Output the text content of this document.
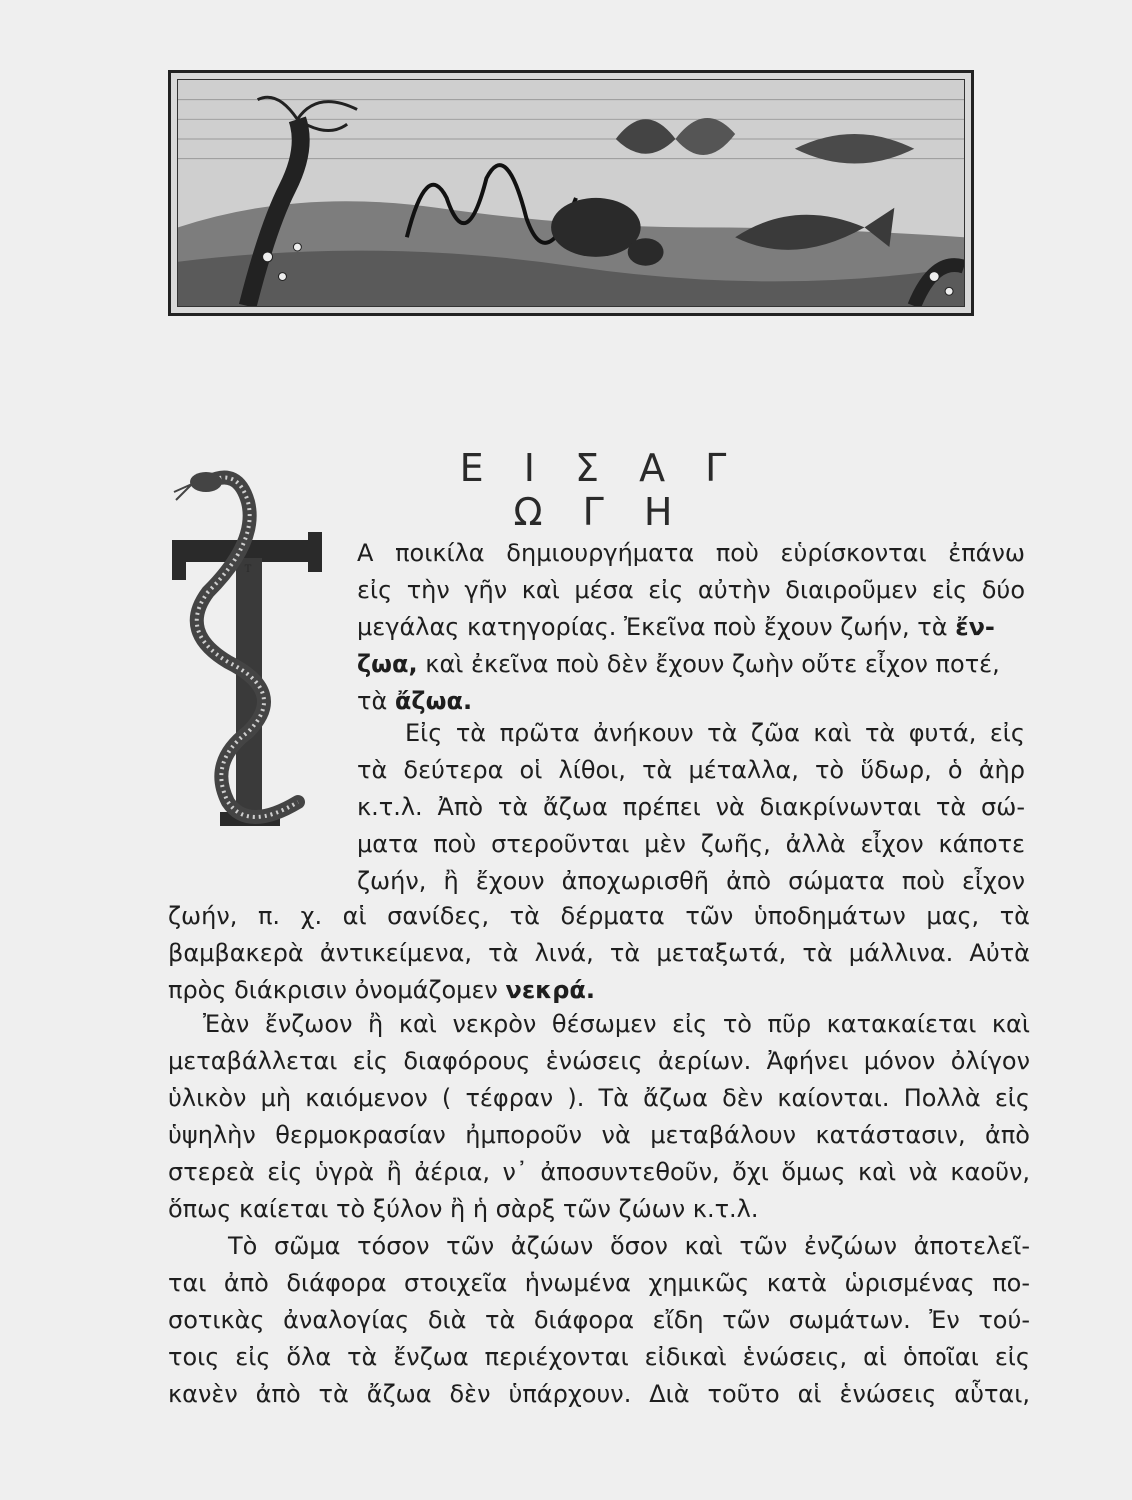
Ε Ι Σ Α Γ Ω Γ Η
Τ

Α ποικίλα δημιουργήματα ποὺ εὑρίσκονται ἐπάνω

εἰς τὴν γῆν καὶ μέσα εἰς αὐτὴν διαιροῦμεν εἰς δύο

μεγάλας κατηγορίας. Ἐκεῖνα ποὺ ἔχουν ζωήν, τὰ ἔν-

ζωα, καὶ ἐκεῖνα ποὺ δὲν ἔχουν ζωὴν οὔτε εἶχον ποτέ,

τὰ ἄζωα.

Εἰς τὰ πρῶτα ἀνήκουν τὰ ζῶα καὶ τὰ φυτά, εἰς

τὰ δεύτερα οἱ λίθοι, τὰ μέταλλα, τὸ ὕδωρ, ὁ ἀὴρ

κ.τ.λ. Ἀπὸ τὰ ἄζωα πρέπει νὰ διακρίνωνται τὰ σώ-

ματα ποὺ στεροῦνται μὲν ζωῆς, ἀλλὰ εἶχον κάποτε

ζωήν, ἢ ἔχουν ἀποχωρισθῆ ἀπὸ σώματα ποὺ εἶχον

ζωήν, π. χ. αἱ σανίδες, τὰ δέρματα τῶν ὑποδημάτων μας, τὰ

βαμβακερὰ ἀντικείμενα, τὰ λινά, τὰ μεταξωτά, τὰ μάλλινα. Αὐτὰ

πρὸς διάκρισιν ὀνομάζομεν νεκρά.

Ἐὰν ἔνζωον ἢ καὶ νεκρὸν θέσωμεν εἰς τὸ πῦρ κατακαίεται καὶ

μεταβάλλεται εἰς διαφόρους ἑνώσεις ἀερίων. Ἀφήνει μόνον ὀλίγον

ὑλικὸν μὴ καιόμενον ( τέφραν ). Τὰ ἄζωα δὲν καίονται. Πολλὰ εἰς

ὑψηλὴν θερμοκρασίαν ἠμποροῦν νὰ μεταβάλουν κατάστασιν, ἀπὸ

στερεὰ εἰς ὑγρὰ ἢ ἀέρια, ν᾽ ἀποσυντεθοῦν, ὄχι ὅμως καὶ νὰ καοῦν,

ὅπως καίεται τὸ ξύλον ἢ ἡ σὰρξ τῶν ζώων κ.τ.λ.

Τὸ σῶμα τόσον τῶν ἀζώων ὅσον καὶ τῶν ἐνζώων ἀποτελεῖ-

ται ἀπὸ διάφορα στοιχεῖα ἡνωμένα χημικῶς κατὰ ὡρισμένας πο-

σοτικὰς ἀναλογίας διὰ τὰ διάφορα εἴδη τῶν σωμάτων. Ἐν τού-

τοις εἰς ὅλα τὰ ἔνζωα περιέχονται εἰδικαὶ ἑνώσεις, αἱ ὁποῖαι εἰς

κανὲν ἀπὸ τὰ ἄζωα δὲν ὑπάρχουν. Διὰ τοῦτο αἱ ἑνώσεις αὗται,
